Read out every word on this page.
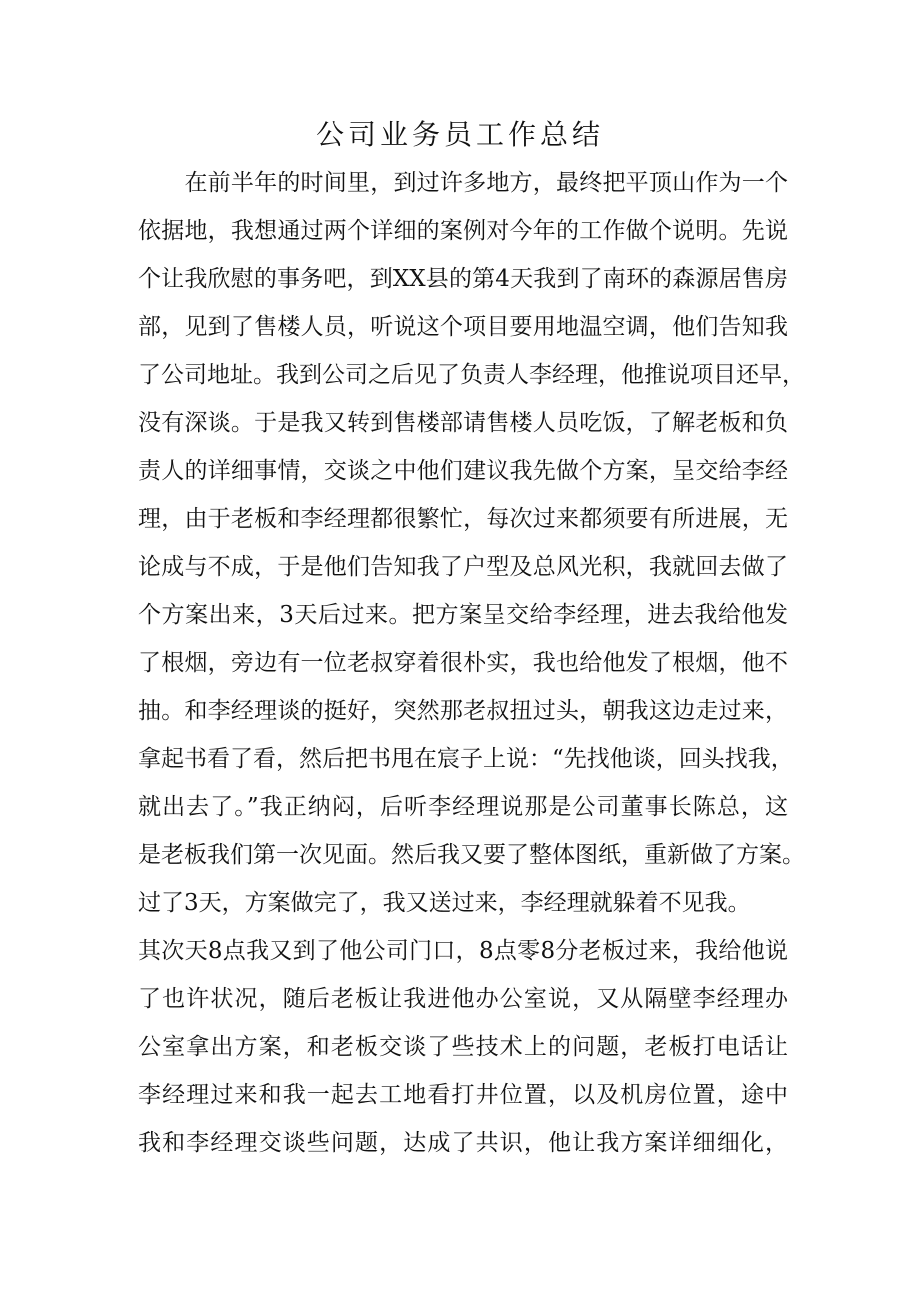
公司业务员工作总结
　　在前半年的时间里，到过许多地方，最终把平顶山作为一个
依据地，我想通过两个详细的案例对今年的工作做个说明。先说
个让我欣慰的事务吧，到XX县的第4天我到了南环的森源居售房
部，见到了售楼人员，听说这个项目要用地温空调，他们告知我
了公司地址。我到公司之后见了负责人李经理，他推说项目还早，
没有深谈。于是我又转到售楼部请售楼人员吃饭，了解老板和负
责人的详细事情，交谈之中他们建议我先做个方案，呈交给李经
理，由于老板和李经理都很繁忙，每次过来都须要有所进展，无
论成与不成，于是他们告知我了户型及总风光积，我就回去做了
个方案出来，3天后过来。把方案呈交给李经理，进去我给他发
了根烟，旁边有一位老叔穿着很朴实，我也给他发了根烟，他不
抽。和李经理谈的挺好，突然那老叔扭过头，朝我这边走过来，
拿起书看了看，然后把书甩在宸子上说：“先找他谈，回头找我，
就出去了。”我正纳闷，后听李经理说那是公司董事长陈总，这
是老板我们第一次见面。然后我又要了整体图纸，重新做了方案。
过了3天，方案做完了，我又送过来，李经理就躲着不见我。
其次天8点我又到了他公司门口，8点零8分老板过来，我给他说
了也许状况，随后老板让我进他办公室说，又从隔壁李经理办
公室拿出方案，和老板交谈了些技术上的问题，老板打电话让
李经理过来和我一起去工地看打井位置，以及机房位置，途中
我和李经理交谈些问题，达成了共识，他让我方案详细细化，
